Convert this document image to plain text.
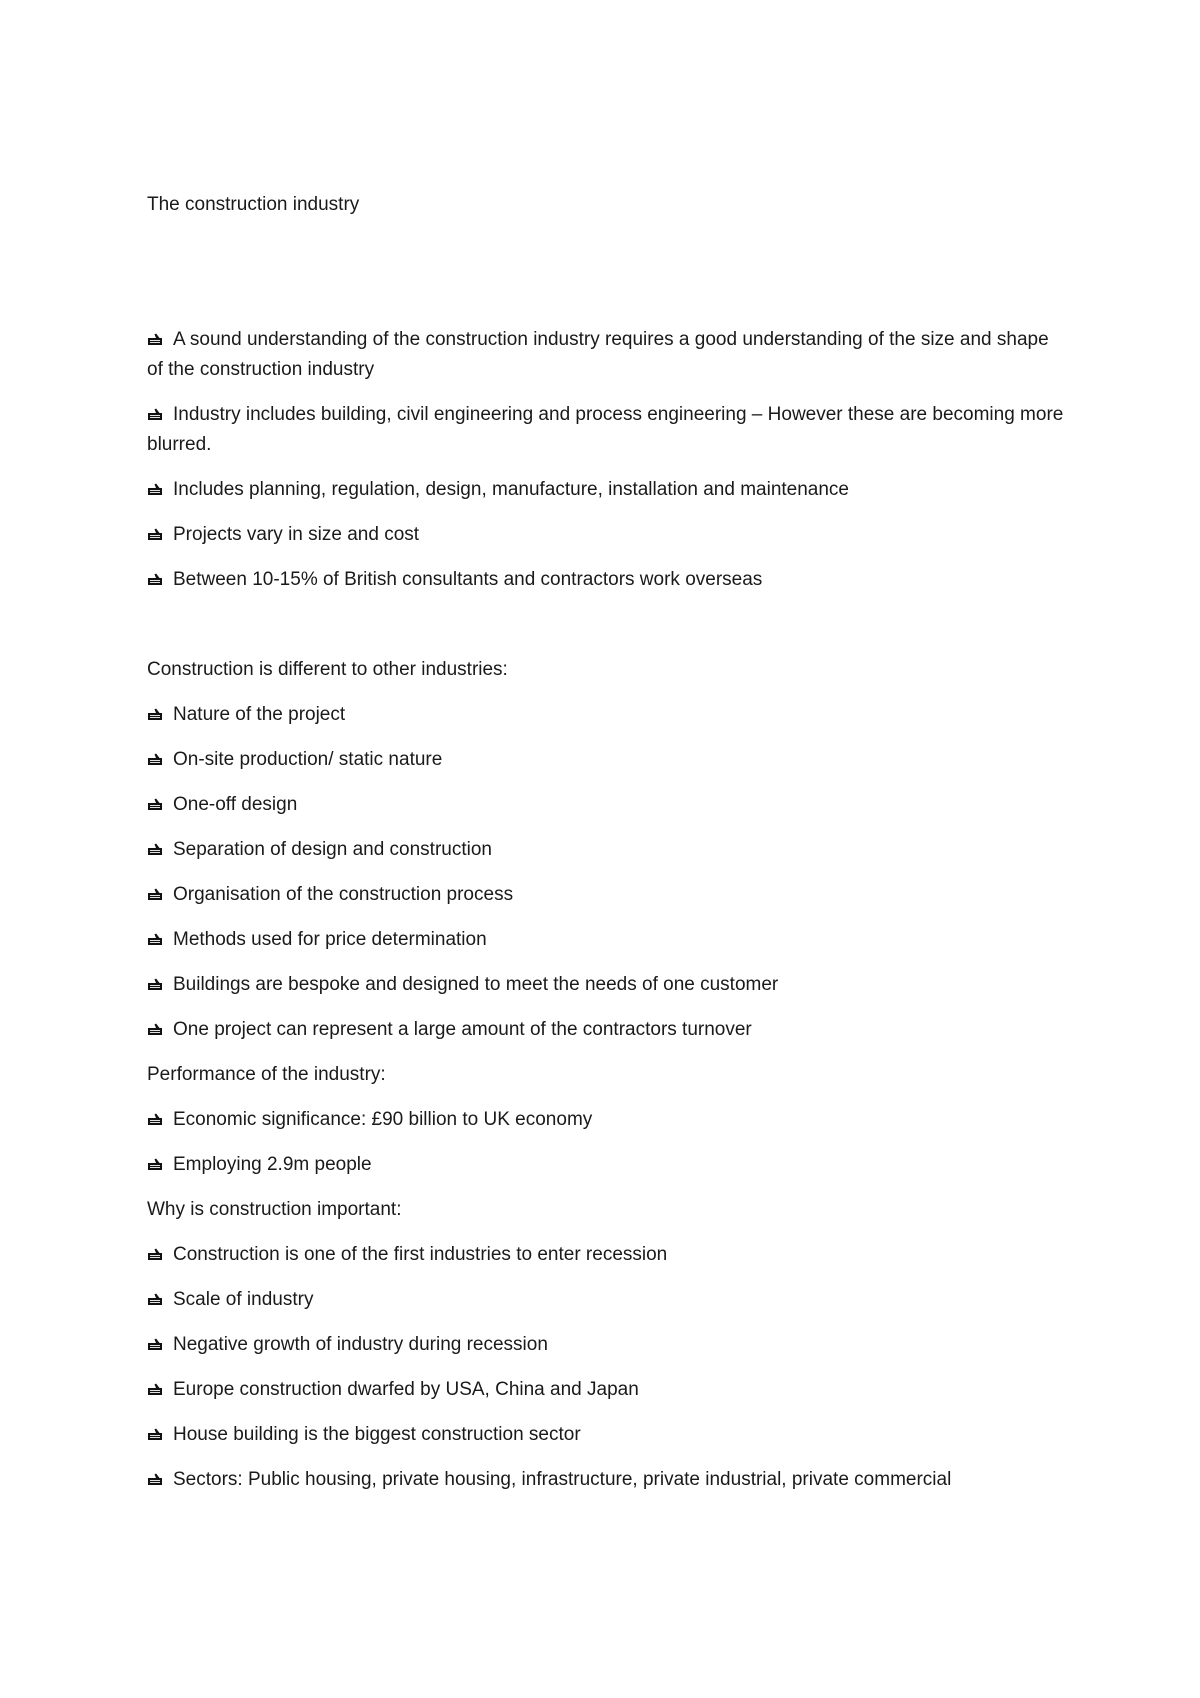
The construction industry

A sound understanding of the construction industry requires a good understanding of the size and shape of the construction industry

Industry includes building, civil engineering and process engineering – However these are becoming more blurred.

Includes planning, regulation, design, manufacture, installation and maintenance

Projects vary in size and cost

Between 10-15% of British consultants and contractors work overseas

Construction is different to other industries:

Nature of the project

On-site production/ static nature

One-off design

Separation of design and construction

Organisation of the construction process

Methods used for price determination

Buildings are bespoke and designed to meet the needs of one customer

One project can represent a large amount of the contractors turnover

Performance of the industry:

Economic significance: £90 billion to UK economy

Employing 2.9m people

Why is construction important:

Construction is one of the first industries to enter recession

Scale of industry

Negative growth of industry during recession

Europe construction dwarfed by USA, China and Japan

House building is the biggest construction sector

Sectors: Public housing, private housing, infrastructure, private industrial, private commercial
